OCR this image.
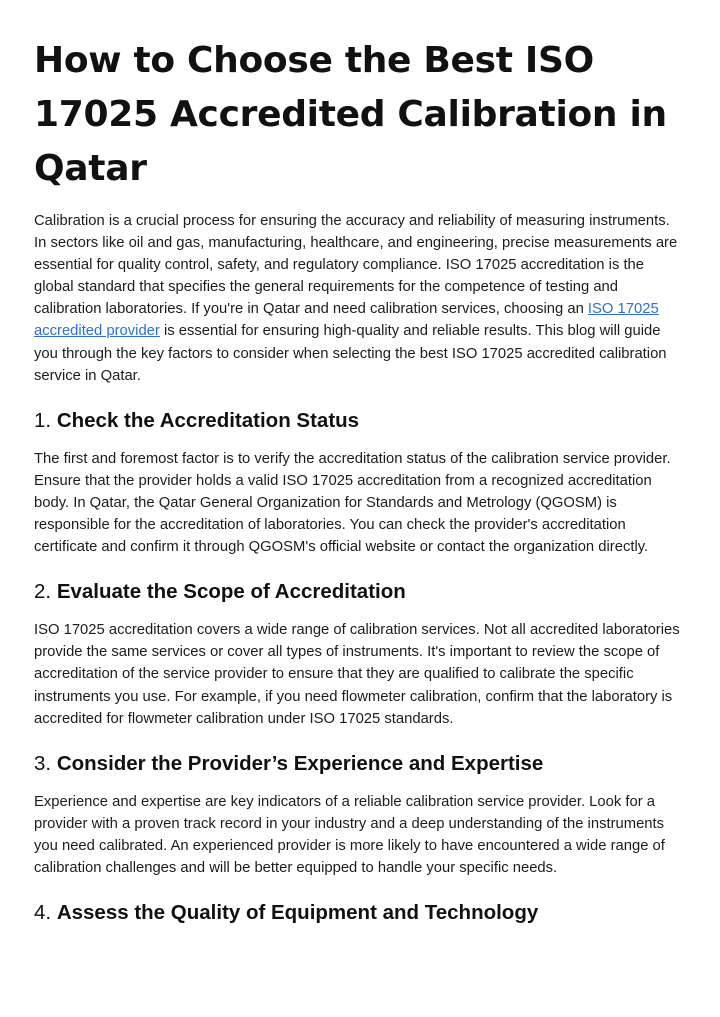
How to Choose the Best ISO 17025 Accredited Calibration in Qatar

Calibration is a crucial process for ensuring the accuracy and reliability of measuring instruments. In sectors like oil and gas, manufacturing, healthcare, and engineering, precise measurements are essential for quality control, safety, and regulatory compliance. ISO 17025 accreditation is the global standard that specifies the general requirements for the competence of testing and calibration laboratories. If you're in Qatar and need calibration services, choosing an ISO 17025 accredited provider is essential for ensuring high-quality and reliable results. This blog will guide you through the key factors to consider when selecting the best ISO 17025 accredited calibration service in Qatar.

1. Check the Accreditation Status

The first and foremost factor is to verify the accreditation status of the calibration service provider. Ensure that the provider holds a valid ISO 17025 accreditation from a recognized accreditation body. In Qatar, the Qatar General Organization for Standards and Metrology (QGOSM) is responsible for the accreditation of laboratories. You can check the provider's accreditation certificate and confirm it through QGOSM's official website or contact the organization directly.

2. Evaluate the Scope of Accreditation

ISO 17025 accreditation covers a wide range of calibration services. Not all accredited laboratories provide the same services or cover all types of instruments. It's important to review the scope of accreditation of the service provider to ensure that they are qualified to calibrate the specific instruments you use. For example, if you need flowmeter calibration, confirm that the laboratory is accredited for flowmeter calibration under ISO 17025 standards.

3. Consider the Provider’s Experience and Expertise

Experience and expertise are key indicators of a reliable calibration service provider. Look for a provider with a proven track record in your industry and a deep understanding of the instruments you need calibrated. An experienced provider is more likely to have encountered a wide range of calibration challenges and will be better equipped to handle your specific needs.

4. Assess the Quality of Equipment and Technology
